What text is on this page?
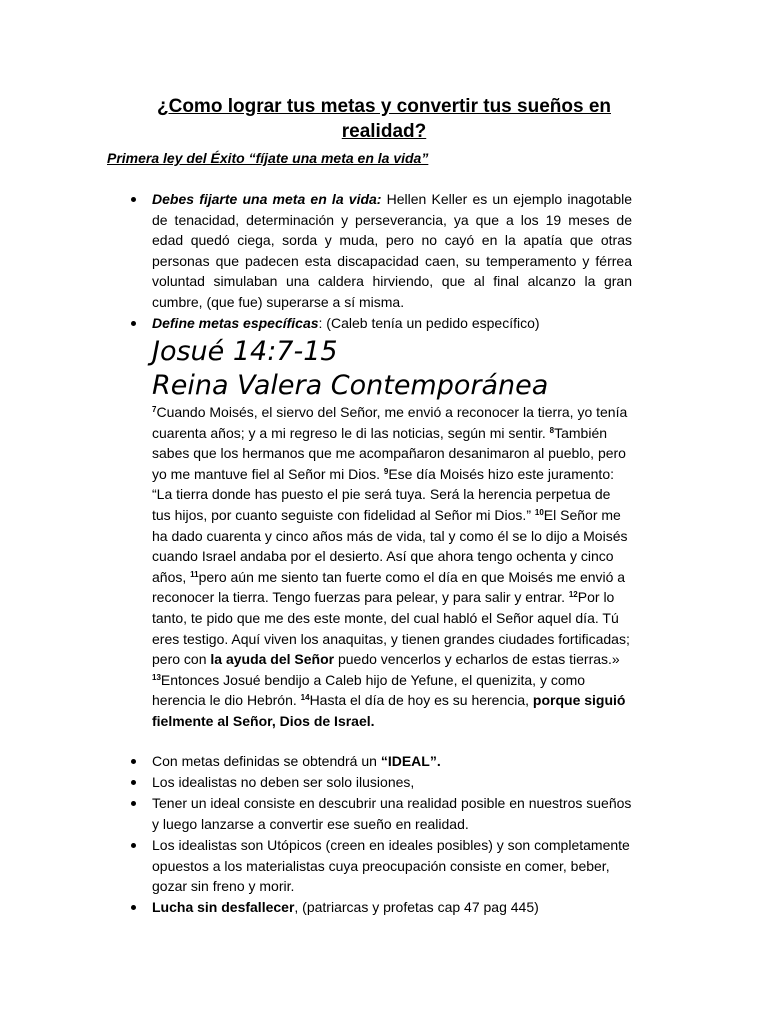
¿Como lograr tus metas y convertir tus sueños en realidad?
Primera ley del Éxito “fíjate una meta en la vida”
Debes fijarte una meta en la vida: Hellen Keller es un ejemplo inagotable de tenacidad, determinación y perseverancia, ya que a los 19 meses de edad quedó ciega, sorda y muda, pero no cayó en la apatía que otras personas que padecen esta discapacidad caen, su temperamento y férrea voluntad simulaban una caldera hirviendo, que al final alcanzo la gran cumbre, (que fue) superarse a sí misma.
Define metas específicas: (Caleb tenía un pedido específico)
Josué 14:7-15
Reina Valera Contemporánea
$^7$Cuando Moisés, el siervo del Señor, me envió a reconocer la tierra, yo tenía cuarenta años; y a mi regreso le di las noticias, según mi sentir. $^8$También sabes que los hermanos que me acompañaron desanimaron al pueblo, pero yo me mantuve fiel al Señor mi Dios. $^9$Ese día Moisés hizo este juramento: “La tierra donde has puesto el pie será tuya. Será la herencia perpetua de tus hijos, por cuanto seguiste con fidelidad al Señor mi Dios.” $^{10}$El Señor me ha dado cuarenta y cinco años más de vida, tal y como él se lo dijo a Moisés cuando Israel andaba por el desierto. Así que ahora tengo ochenta y cinco años, $^{11}$pero aún me siento tan fuerte como el día en que Moisés me envió a reconocer la tierra. Tengo fuerzas para pelear, y para salir y entrar. $^{12}$Por lo tanto, te pido que me des este monte, del cual habló el Señor aquel día. Tú eres testigo. Aquí viven los anaquitas, y tienen grandes ciudades fortificadas; pero con la ayuda del Señor puedo vencerlos y echarlos de estas tierras.»
$^{13}$Entonces Josué bendijo a Caleb hijo de Yefune, el quenizita, y como herencia le dio Hebrón. $^{14}$Hasta el día de hoy es su herencia, porque siguió fielmente al Señor, Dios de Israel.
Con metas definidas se obtendrá un “IDEAL”.
Los idealistas no deben ser solo ilusiones,
Tener un ideal consiste en descubrir una realidad posible en nuestros sueños y luego lanzarse a convertir ese sueño en realidad.
Los idealistas son Utópicos (creen en ideales posibles) y son completamente opuestos a los materialistas cuya preocupación consiste en comer, beber, gozar sin freno y morir.
Lucha sin desfallecer, (patriarcas y profetas cap 47 pag 445)
